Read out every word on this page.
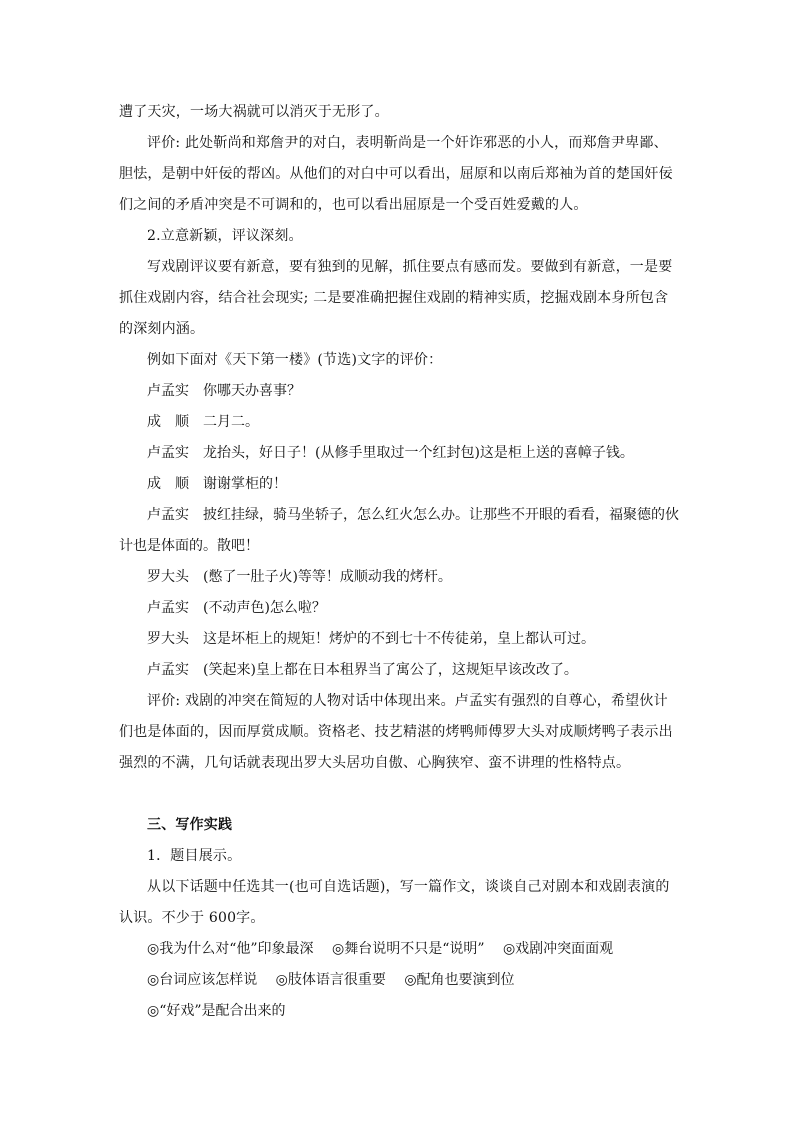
遭了天灾，一场大祸就可以消灭于无形了。

评价: 此处靳尚和郑詹尹的对白，表明靳尚是一个奸诈邪恶的小人，而郑詹尹卑鄙、胆怯，是朝中奸佞的帮凶。从他们的对白中可以看出，屈原和以南后郑袖为首的楚国奸佞们之间的矛盾冲突是不可调和的，也可以看出屈原是一个受百姓爱戴的人。

2.立意新颖，评议深刻。

写戏剧评议要有新意，要有独到的见解，抓住要点有感而发。要做到有新意，一是要抓住戏剧内容，结合社会现实; 二是要准确把握住戏剧的精神实质，挖掘戏剧本身所包含的深刻内涵。

例如下面对《天下第一楼》(节选)文字的评价：

卢孟实 你哪天办喜事？
成　顺 二月二。
卢孟实 龙抬头，好日子！(从修手里取过一个红封包)这是柜上送的喜幛子钱。
成　顺 谢谢掌柜的！
卢孟实 披红挂绿，骑马坐轿子，怎么红火怎么办。让那些不开眼的看看，福聚德的伙
计也是体面的。散吧！
罗大头 (憋了一肚子火)等等！成顺动我的烤杆。
卢孟实 (不动声色)怎么啦？
罗大头 这是坏柜上的规矩！烤炉的不到七十不传徒弟，皇上都认可过。
卢孟实 (笑起来)皇上都在日本租界当了寓公了，这规矩早该改改了。

评价: 戏剧的冲突在简短的人物对话中体现出来。卢孟实有强烈的自尊心，希望伙计们也是体面的，因而厚赏成顺。资格老、技艺精湛的烤鸭师傅罗大头对成顺烤鸭子表示出强烈的不满，几句话就表现出罗大头居功自傲、心胸狭窄、蛮不讲理的性格特点。

三、写作实践

1．题目展示。

从以下话题中任选其一(也可自选话题)，写一篇作文，谈谈自己对剧本和戏剧表演的认识。不少于 600字。

◎我为什么对“他”印象最深 ◎舞台说明不只是“说明” ◎戏剧冲突面面观
◎台词应该怎样说 ◎肢体语言很重要 ◎配角也要演到位
◎“好戏”是配合出来的
